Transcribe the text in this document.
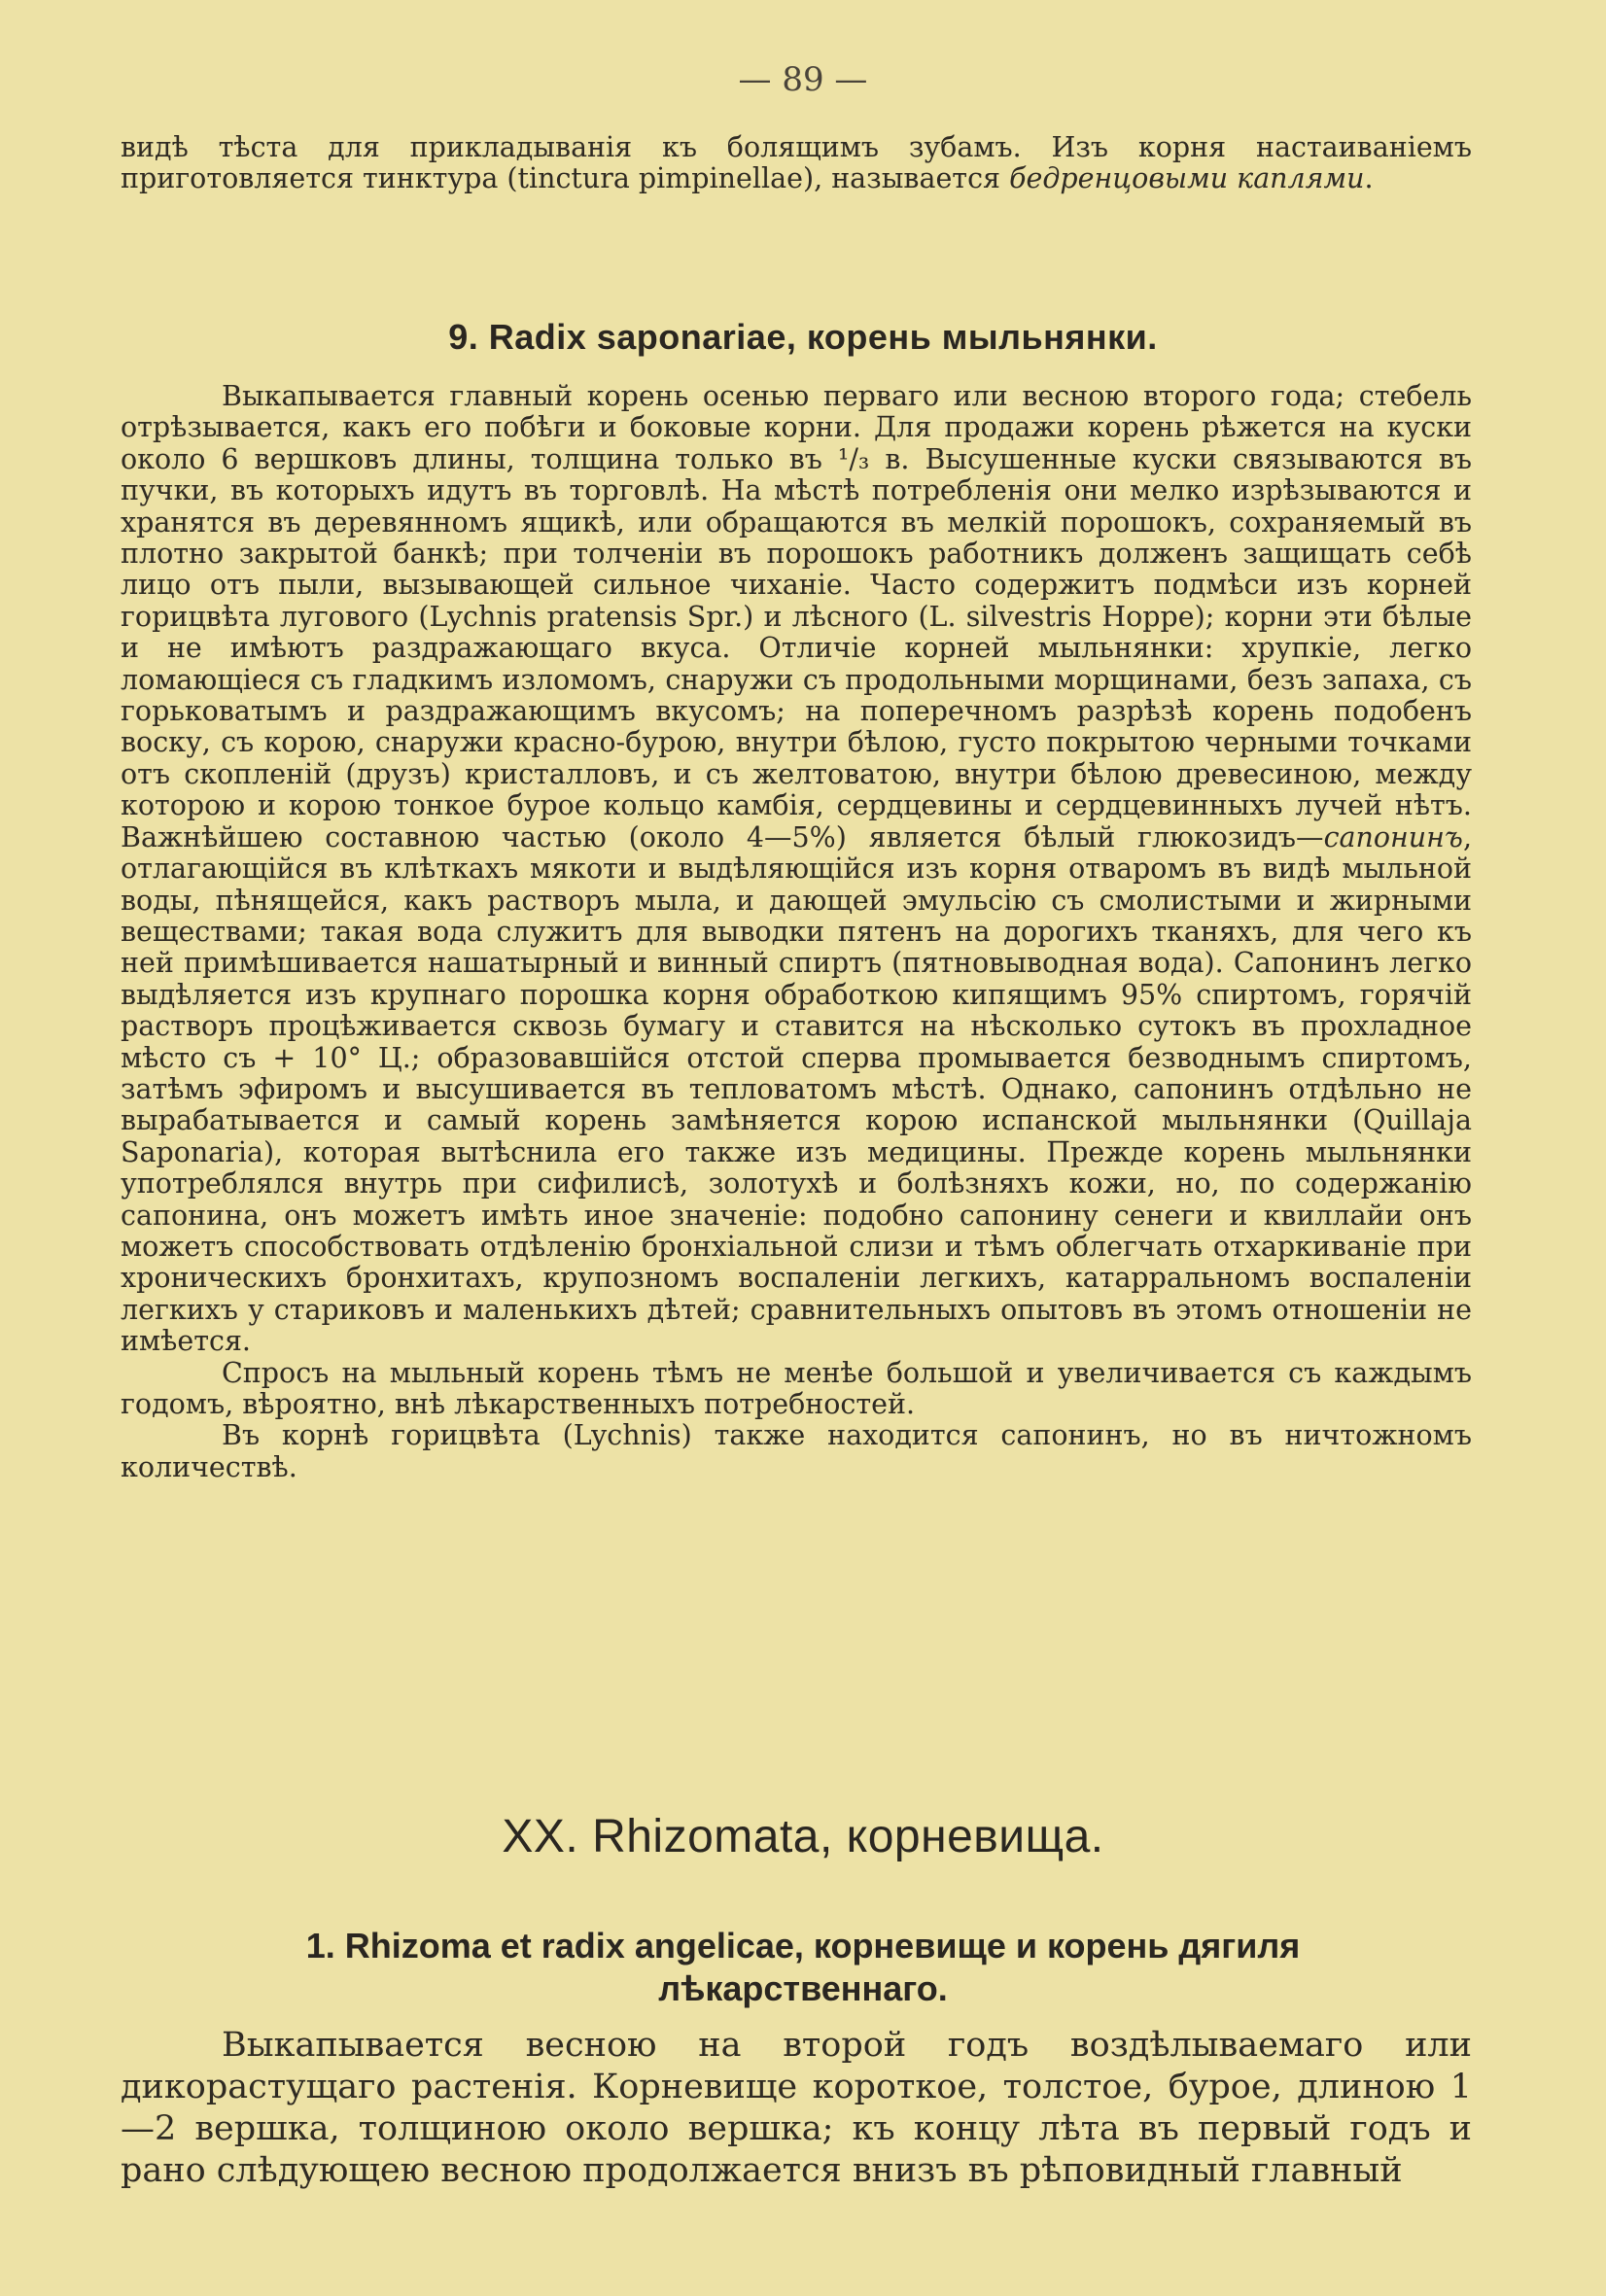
— 89 —

видѣ тѣста для прикладыванія къ болящимъ зубамъ. Изъ корня настаиваніемъ приготовляется тинктура (tinctura pimpinellae), называется бедренцовыми каплями.

9. Radix saponariae, корень мыльнянки.

Выкапывается главный корень осенью перваго или весною второго года; стебель отрѣзывается, какъ его побѣги и боковые корни. Для продажи корень рѣжется на куски около 6 вершковъ длины, толщина только въ ¹/₃ в. Высушенные куски связываются въ пучки, въ которыхъ идутъ въ торговлѣ. На мѣстѣ потребленія они мелко изрѣзываются и хранятся въ деревянномъ ящикѣ, или обращаются въ мелкій порошокъ, сохраняемый въ плотно закрытой банкѣ; при толченіи въ порошокъ работникъ долженъ защищать себѣ лицо отъ пыли, вызывающей сильное чиханіе. Часто содержитъ подмѣси изъ корней горицвѣта лугового (Lychnis pratensis Spr.) и лѣсного (L. silvestris Hoppe); корни эти бѣлые и не имѣютъ раздражающаго вкуса. Отличіе корней мыльнянки: хрупкіе, легко ломающіеся съ гладкимъ изломомъ, снаружи съ продольными морщинами, безъ запаха, съ горьковатымъ и раздражающимъ вкусомъ; на поперечномъ разрѣзѣ корень подобенъ воску, съ корою, снаружи красно-бурою, внутри бѣлою, густо покрытою черными точками отъ скопленій (друзъ) кристалловъ, и съ желтоватою, внутри бѣлою древесиною, между которою и корою тонкое бурое кольцо камбія, сердцевины и сердцевинныхъ лучей нѣтъ. Важнѣйшею составною частью (около 4—5%) является бѣлый глюкозидъ—сапонинъ, отлагающійся въ клѣткахъ мякоти и выдѣляющійся изъ корня отваромъ въ видѣ мыльной воды, пѣнящейся, какъ растворъ мыла, и дающей эмульсію съ смолистыми и жирными веществами; такая вода служитъ для выводки пятенъ на дорогихъ тканяхъ, для чего къ ней примѣшивается нашатырный и винный спиртъ (пятновыводная вода). Сапонинъ легко выдѣляется изъ крупнаго порошка корня обработкою кипящимъ 95% спиртомъ, горячій растворъ процѣживается сквозь бумагу и ставится на нѣсколько сутокъ въ прохладное мѣсто съ + 10° Ц.; образовавшійся отстой сперва промывается безводнымъ спиртомъ, затѣмъ эфиромъ и высушивается въ тепловатомъ мѣстѣ. Однако, сапонинъ отдѣльно не вырабатывается и самый корень замѣняется корою испанской мыльнянки (Quillaja Saponaria), которая вытѣснила его также изъ медицины. Прежде корень мыльнянки употреблялся внутрь при сифилисѣ, золотухѣ и болѣзняхъ кожи, но, по содержанію сапонина, онъ можетъ имѣть иное значеніе: подобно сапонину сенеги и квиллайи онъ можетъ способствовать отдѣленію бронхіальной слизи и тѣмъ облегчать отхаркиваніе при хроническихъ бронхитахъ, крупозномъ воспаленіи легкихъ, катарральномъ воспаленіи легкихъ у стариковъ и маленькихъ дѣтей; сравнительныхъ опытовъ въ этомъ отношеніи не имѣется.

Спросъ на мыльный корень тѣмъ не менѣе большой и увеличивается съ каждымъ годомъ, вѣроятно, внѣ лѣкарственныхъ потребностей.

Въ корнѣ горицвѣта (Lychnis) также находится сапонинъ, но въ ничтожномъ количествѣ.

XX. Rhizomata, корневища.
1. Rhizoma et radix angelicae, корневище и корень дягиля лѣкарственнаго.

Выкапывается весною на второй годъ воздѣлываемаго или дикорастущаго растенія. Корневище короткое, толстое, бурое, длиною 1—2 вершка, толщиною около вершка; къ концу лѣта въ первый годъ и рано слѣдующею весною продолжается внизъ въ рѣповидный главный
